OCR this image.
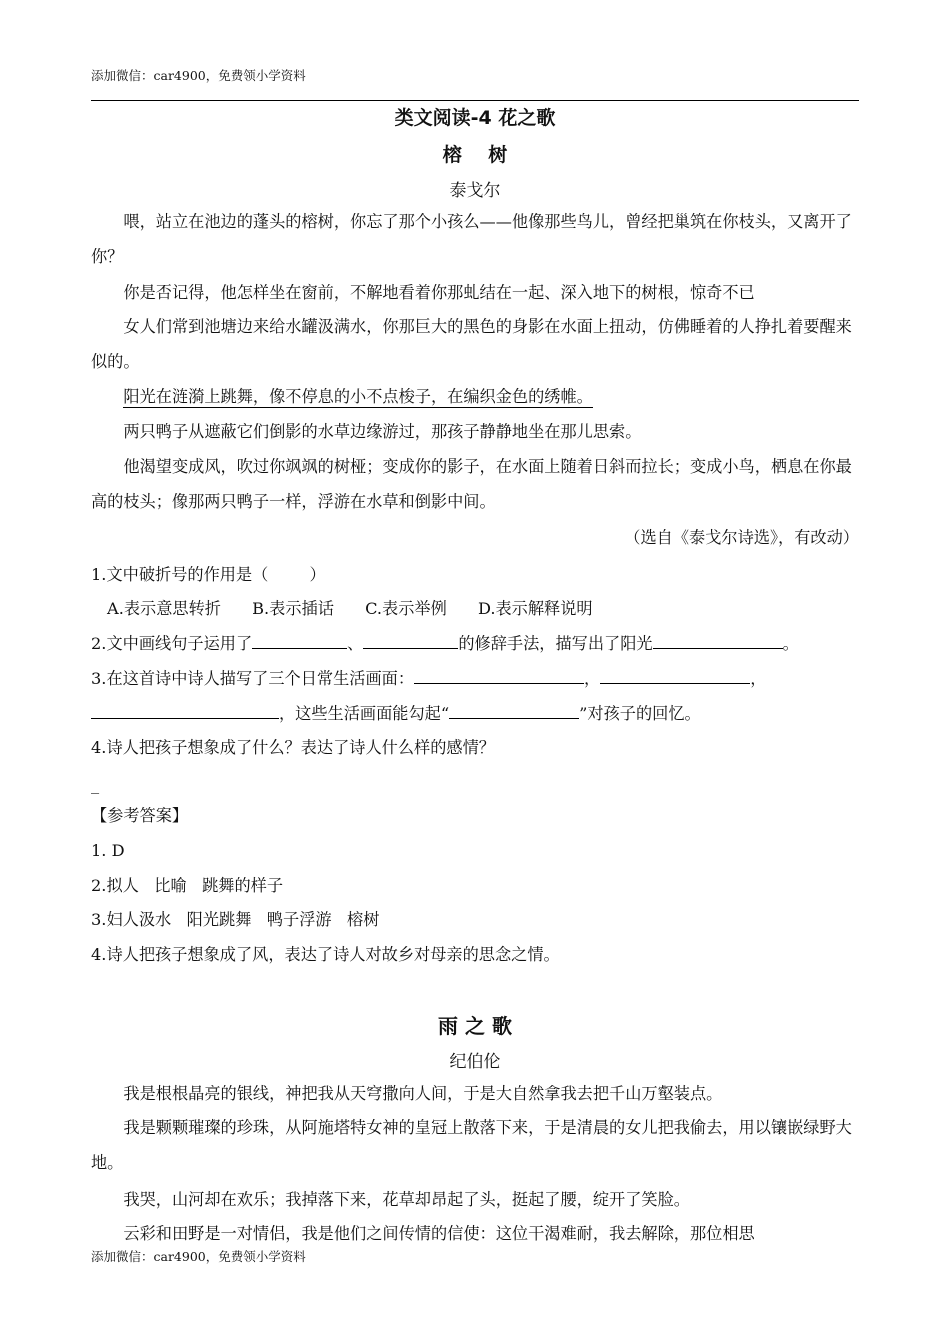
添加微信：car4900，免费领小学资料
类文阅读-4 花之歌
榕    树
泰戈尔
喂，站立在池边的蓬头的榕树，你忘了那个小孩么——他像那些鸟儿，曾经把巢筑在你枝头，又离开了你？
你是否记得，他怎样坐在窗前，不解地看着你那虬结在一起、深入地下的树根，惊奇不已
女人们常到池塘边来给水罐汲满水，你那巨大的黑色的身影在水面上扭动，仿佛睡着的人挣扎着要醒来似的。
阳光在涟漪上跳舞，像不停息的小不点梭子，在编织金色的绣帷。
两只鸭子从遮蔽它们倒影的水草边缘游过，那孩子静静地坐在那儿思索。
他渴望变成风，吹过你飒飒的树桠；变成你的影子，在水面上随着日斜而拉长；变成小鸟，栖息在你最高的枝头；像那两只鸭子一样，浮游在水草和倒影中间。
（选自《泰戈尔诗选》，有改动）
1.文中破折号的作用是（        ）
A.表示意思转折 B.表示插话 C.表示举例 D.表示解释说明
2.文中画线句子运用了	、	的修辞手法，描写出了阳光	。
3.在这首诗中诗人描写了三个日常生活画面：	，	，
，这些生活画面能勾起“	”对孩子的回忆。
4.诗人把孩子想象成了什么？表达了诗人什么样的感情？
_
【参考答案】
1. D
2.拟人   比喻   跳舞的样子
3.妇人汲水   阳光跳舞   鸭子浮游   榕树
4.诗人把孩子想象成了风，表达了诗人对故乡对母亲的思念之情。
雨 之 歌
纪伯伦
我是根根晶亮的银线，神把我从天穹撒向人间，于是大自然拿我去把千山万壑装点。
我是颗颗璀璨的珍珠，从阿施塔特女神的皇冠上散落下来，于是清晨的女儿把我偷去，用以镶嵌绿野大地。
我哭，山河却在欢乐；我掉落下来，花草却昂起了头，挺起了腰，绽开了笑脸。
云彩和田野是一对情侣，我是他们之间传情的信使：这位干渴难耐，我去解除，那位相思
添加微信：car4900，免费领小学资料
